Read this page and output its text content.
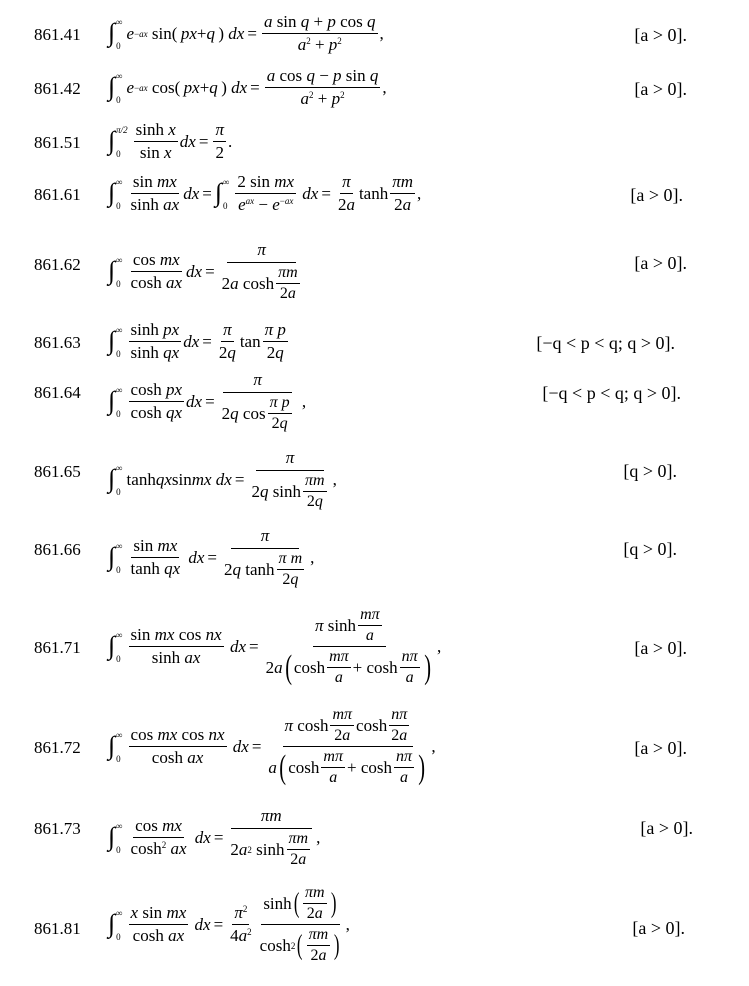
861.41 ∫ ∞
0
e −ax sin(  px + q  ) dx = $\frac{\text{a sin q + p cos q}}{a^2 + p^2}$ ,	[a > 0].
861.42 ∫ ∞
0
e −ax cos(  px + q  ) dx = $\frac{\text{a cos q − p sin q}}{a^2 + p^2}$ ,	[a > 0].
861.51 ∫ π/2
$0 \frac{\text{sinh x}}{\text{sin x}}$ dx = $\frac{\pi}{2}$ .
861.61 ∫ ∞
$0 \frac{\text{sin mx}}{\text{sinh ax}}$ dx = ∫ ∞
$0 \frac{\text{2 sin mx}}{e^{ax} - e^{-ax}}$
dx = $\frac{\pi}{2a}$ $\tanh \frac{\pi m}{2a}$ ,	[a > 0].
861.62 ∫ ∞
$0 \frac{\text{cos mx}}{\text{cosh ax}}$ dx = $\frac{\pi}{2 a \cosh \frac{\pi m}{2a}}$	[a > 0].
861.63 ∫ ∞
$0 \frac{\text{sinh px}}{\text{sinh qx}}$ dx = $\frac{\pi}{2q}$ $\tan \frac{\text{π p}}{2q}$	[−q < p < q; q > 0].
861.64 ∫ ∞
$0 \frac{\text{cosh px}}{\text{cosh qx}}$ dx = $\frac{\pi}{2 q \cos \frac{\text{π p}}{2q}}$ ,	[−q < p < q; q > 0].
861.65 ∫ ∞
0
tanh qx sin mx
dx = $\frac{\pi}{2 q \sinh \frac{\pi m}{2q}}$ ,	[q > 0].
861.66 ∫ ∞
$0 \frac{\text{sin mx}}{\text{tanh qx}}$
dx = $\frac{\pi}{2 q \tanh \frac{\text{π m}}{2q}}$ ,	[q > 0].
861.71 ∫ ∞
$0 \frac{\text{sin mx cos nx}}{\text{sinh ax}}$
dx = $\frac{\pi \sinh \frac{m\pi}{a}}{2 a ( \cosh \frac{m\pi}{a} + \cosh \frac{n\pi}{a} )}$ ,	[a > 0].
861.72 ∫ ∞
$0 \frac{\text{cos mx cos nx}}{\text{cosh ax}}$
dx = $\frac{\pi \cosh \frac{m\pi}{2a} \cosh \frac{n\pi}{2a}}{a ( \cosh \frac{m\pi}{a} + \cosh \frac{n\pi}{a} )}$ ,	[a > 0].
861.73 ∫ ∞
$0 \frac{\text{cos mx}}{\cosh^2 ax}$
dx = $\frac{\pi m}{2 a 2 \sinh \frac{\pi m}{2a}}$ ,	[a > 0].
861.81 ∫ ∞
$0 \frac{\text{x sin mx}}{\text{cosh ax}}$
dx = $\frac{\pi^2}{4a^2} \frac{\sinh ( \frac{\pi m}{2a} )}{\cosh 2 ( \frac{\pi m}{2a} )}$ ,	[a > 0].
